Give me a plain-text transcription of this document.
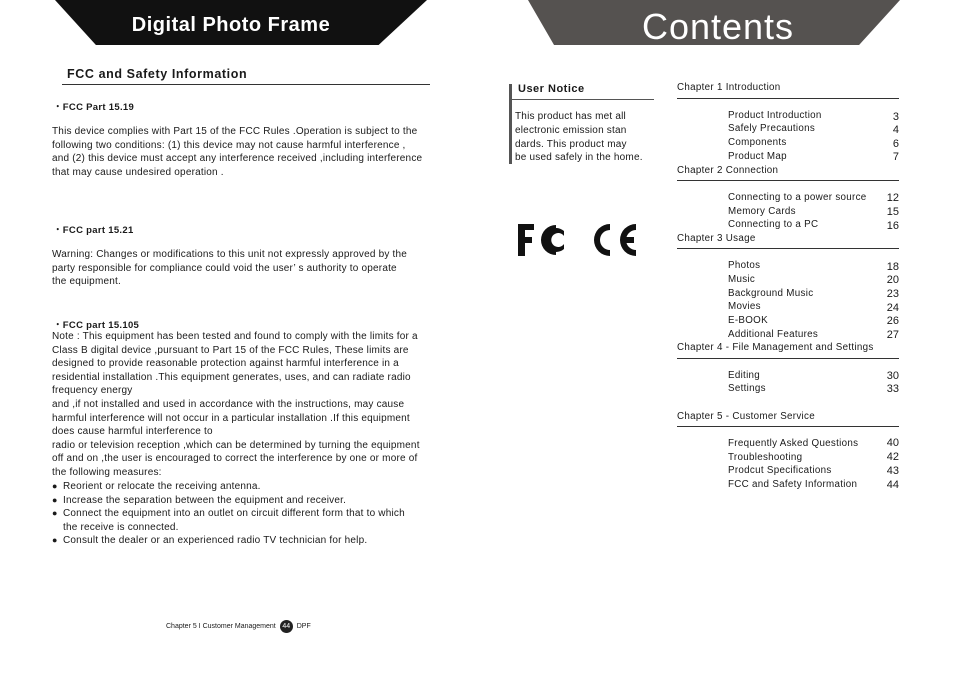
Digital Photo Frame
FCC and Safety Information
・FCC Part 15.19
This device complies with Part 15 of the FCC Rules .Operation is subject to the
following two conditions: (1) this device may not cause harmful interference ,
and (2) this device must accept any interference received ,including interference
that may cause undesired operation .
・FCC part 15.21
Warning: Changes or modifications to this unit not expressly approved by the
party responsible for compliance could void the user’ s authority to operate
the equipment.
・FCC part 15.105
Note : This equipment has been tested and found to comply with the limits for a
Class B digital device ,pursuant to Part 15 of the FCC Rules, These limits are
designed to provide reasonable protection against harmful interference in a
residential installation .This equipment generates, uses, and can radiate radio
frequency energy
and ,if not installed and used in accordance with the instructions, may cause
harmful interference will not occur in a particular installation .If this equipment
does cause harmful interference to
radio or television reception ,which can be determined by turning the equipment
off and on ,the user is encouraged to correct the interference by one or more of
the following measures:
● Reorient or relocate the receiving antenna.
● Increase the separation between the equipment and receiver.
● Connect the equipment into an outlet on circuit different form that to which
the receive is connected.
● Consult the dealer or an experienced radio TV technician for help.
Chapter 5 I Customer Management 44 DPF
Contents
User Notice
This product has met all
electronic emission stan
dards. This product may
be used safely in the home.
Chapter 1 Introduction
Product Introduction	3
Safely Precautions	4
Components	6
Product Map	7
Chapter 2 Connection
Connecting to a power source 12
Memory Cards	15
Connecting to a PC	16
Chapter 3 Usage
Photos	18
Music	20
Background Music	23
Movies	24
E-BOOK	26
Additional Features	27
Chapter 4 - File Management and Settings
Editing	30
Settings	33
Chapter 5 - Customer Service
Frequently Asked Questions	40
Troubleshooting	42
Prodcut Specifications	43
FCC and Safety Information	44
